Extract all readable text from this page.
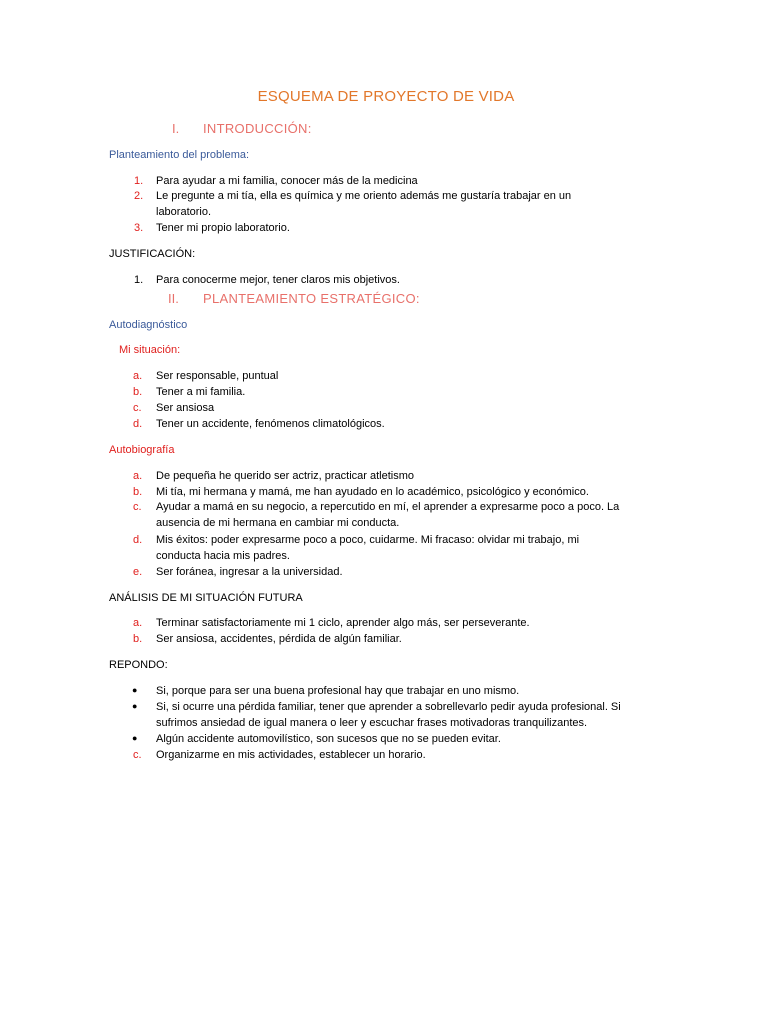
ESQUEMA DE PROYECTO DE VIDA
I. INTRODUCCIÓN:
Planteamiento del problema:
1.	Para ayudar a mi familia, conocer más de la medicina
2.	Le pregunte a mi tía, ella es química y me oriento además me gustaría trabajar en un
laboratorio.
3.	Tener mi propio laboratorio.
JUSTIFICACIÓN:
1.	Para conocerme mejor, tener claros mis objetivos.
II. PLANTEAMIENTO ESTRATÉGICO:
Autodiagnóstico
Mi situación:
a.	Ser responsable, puntual
b.	Tener a mi familia.
c.	Ser ansiosa
d.	Tener un accidente, fenómenos climatológicos.
Autobiografía
a.	De pequeña he querido ser actriz, practicar atletismo
b.	Mi tía, mi hermana y mamá, me han ayudado en lo académico, psicológico y económico.
c.	Ayudar a mamá en su negocio, a repercutido en mí, el aprender a expresarme poco a poco. La
ausencia de mi hermana en cambiar mi conducta.
d.	Mis éxitos: poder expresarme poco a poco, cuidarme. Mi fracaso: olvidar mi trabajo, mi
conducta hacia mis padres.
e.	Ser foránea, ingresar a la universidad.
ANÁLISIS DE MI SITUACIÓN FUTURA
a.	Terminar satisfactoriamente mi 1 ciclo, aprender algo más, ser perseverante.
b.	Ser ansiosa, accidentes, pérdida de algún familiar.
REPONDO:
●	Si, porque para ser una buena profesional hay que trabajar en uno mismo.
●	Si, si ocurre una pérdida familiar, tener que aprender a sobrellevarlo pedir ayuda profesional. Si
sufrimos ansiedad de igual manera o leer y escuchar frases motivadoras tranquilizantes.
●	Algún accidente automovilístico, son sucesos que no se pueden evitar.
c.	Organizarme en mis actividades, establecer un horario.
